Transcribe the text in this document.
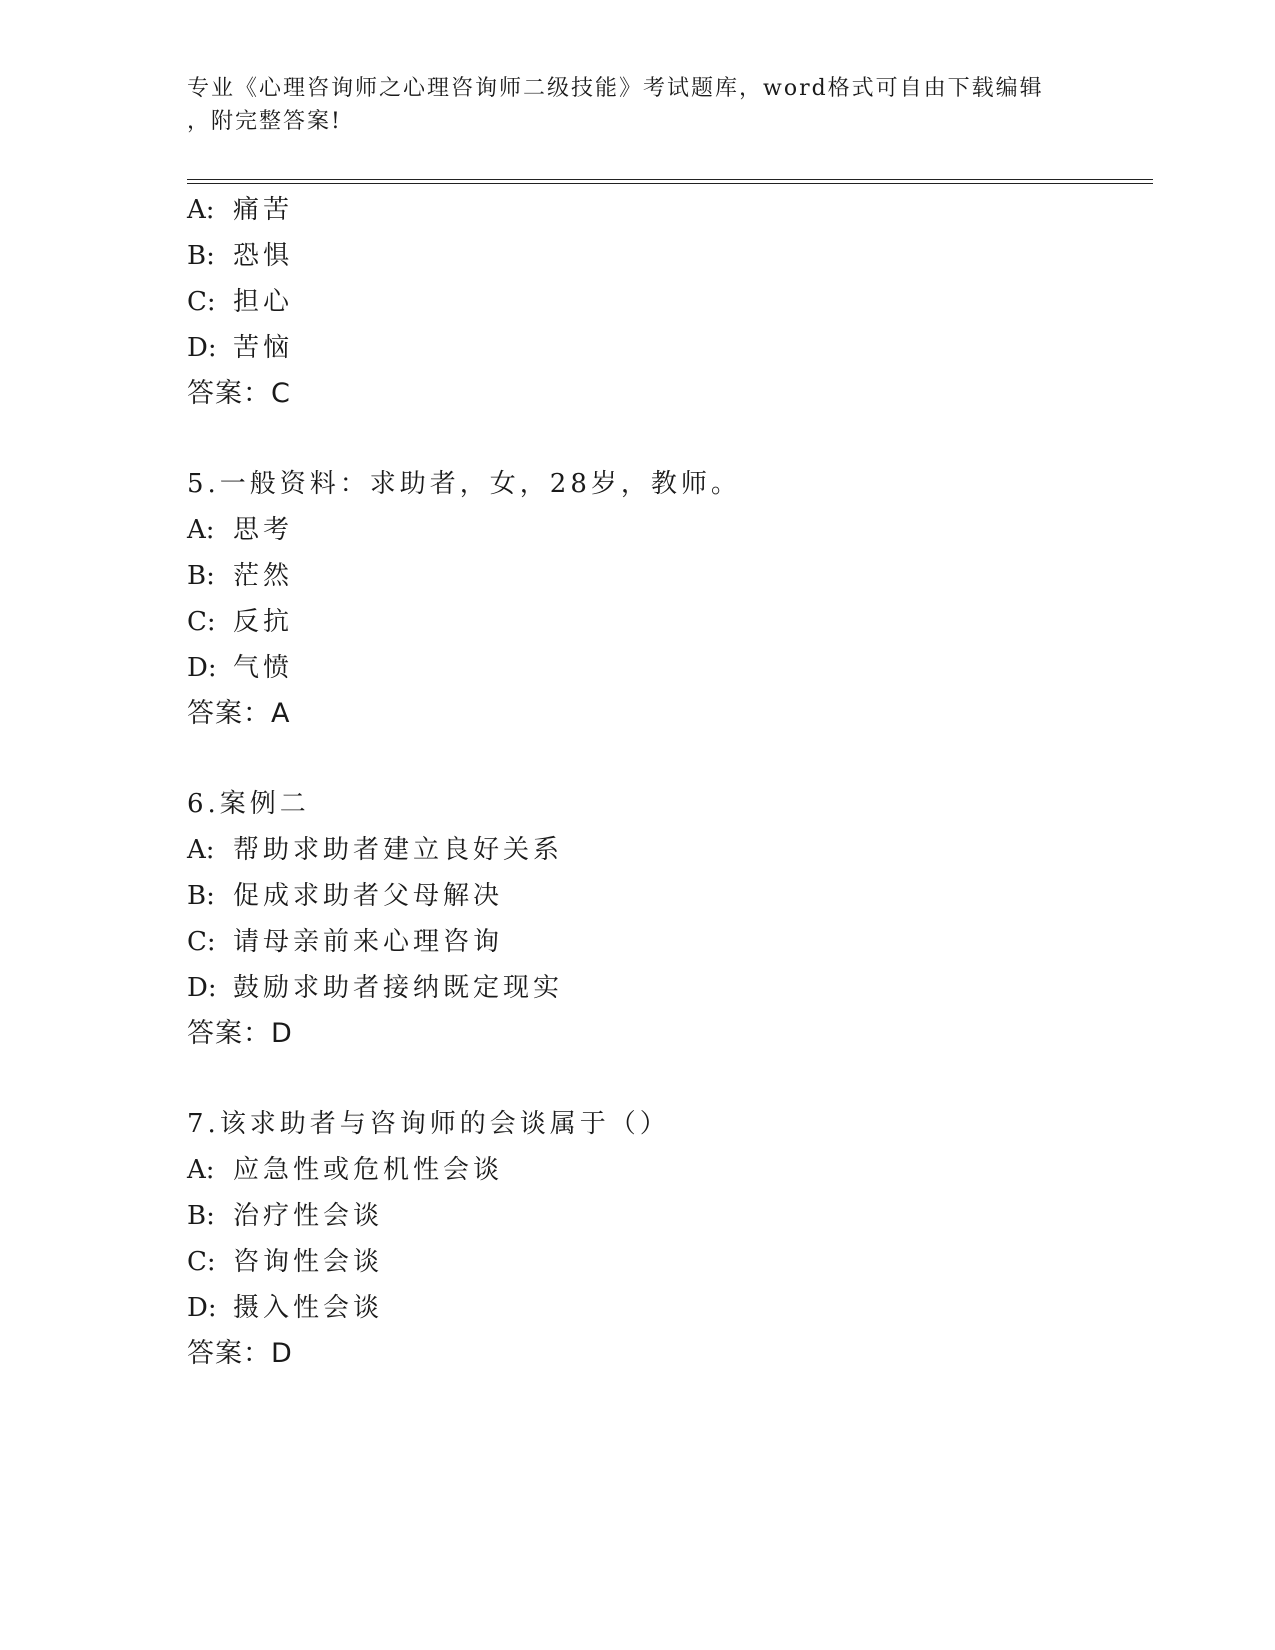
专业《心理咨询师之心理咨询师二级技能》考试题库，word格式可自由下载编辑
，附完整答案!
A: 痛苦
B: 恐惧
C: 担心
D: 苦恼
答案：C
5.一般资料：求助者，女，28岁，教师。
A: 思考
B: 茫然
C: 反抗
D: 气愤
答案：A
6.案例二
A: 帮助求助者建立良好关系
B: 促成求助者父母解决
C: 请母亲前来心理咨询
D: 鼓励求助者接纳既定现实
答案：D
7.该求助者与咨询师的会谈属于（）
A: 应急性或危机性会谈
B: 治疗性会谈
C: 咨询性会谈
D: 摄入性会谈
答案：D
